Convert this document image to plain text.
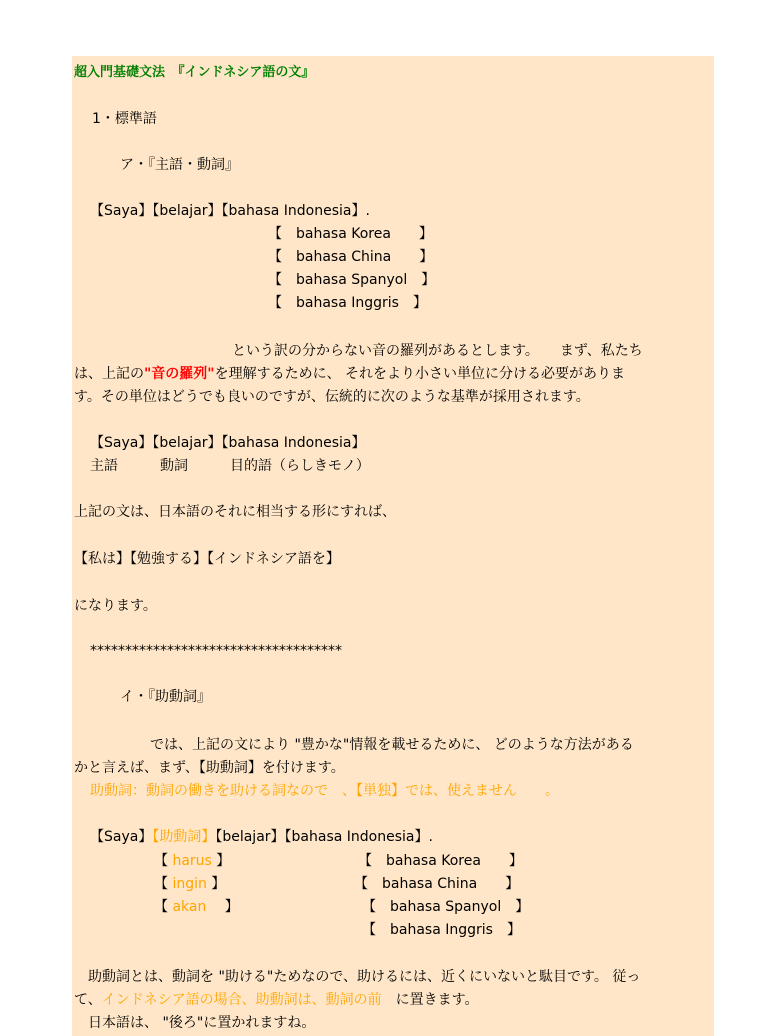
超入門基礎文法　『インドネシア語の文』
1・標準語
ア・『主語・動詞』
【Saya】【belajar】【bahasa Indonesia】.
【　bahasa Korea　　】
【　bahasa China　　】
【　bahasa Spanyol　】
【　bahasa Inggris　】
という訳の分からない音の羅列があるとします。　　まず、私たち
は、上記の"音の羅列"を理解するために、 それをより小さい単位に分ける必要がありま
す。その単位はどうでも良いのですが、伝統的に次のような基準が採用されます。
【Saya】【belajar】【bahasa Indonesia】
主語　　　動詞　　　目的語（らしきモノ）
上記の文は、日本語のそれに相当する形にすれば、
【私は】【勉強する】【インドネシア語を】
になります。
************************************
イ・『助動詞』
では、上記の文により "豊かな"情報を載せるために、 どのような方法がある
かと言えば、まず、【助動詞】を付けます。
助動詞：動詞の働きを助ける詞なので　、【単独】では、使えません　　。
【Saya】【助動詞】【belajar】【bahasa Indonesia】.
【 harus 】
【 ingin 】
【 akan 　】
【　bahasa Korea　　】
【　bahasa China　　】
【　bahasa Spanyol　】
【　bahasa Inggris　】
助動詞とは、動詞を "助ける"ためなので、助けるには、近くにいないと駄目です。 従っ
て、インドネシア語の場合、助動詞は、動詞の前　 に置きます。
日本語は、 "後ろ"に置かれますね。
